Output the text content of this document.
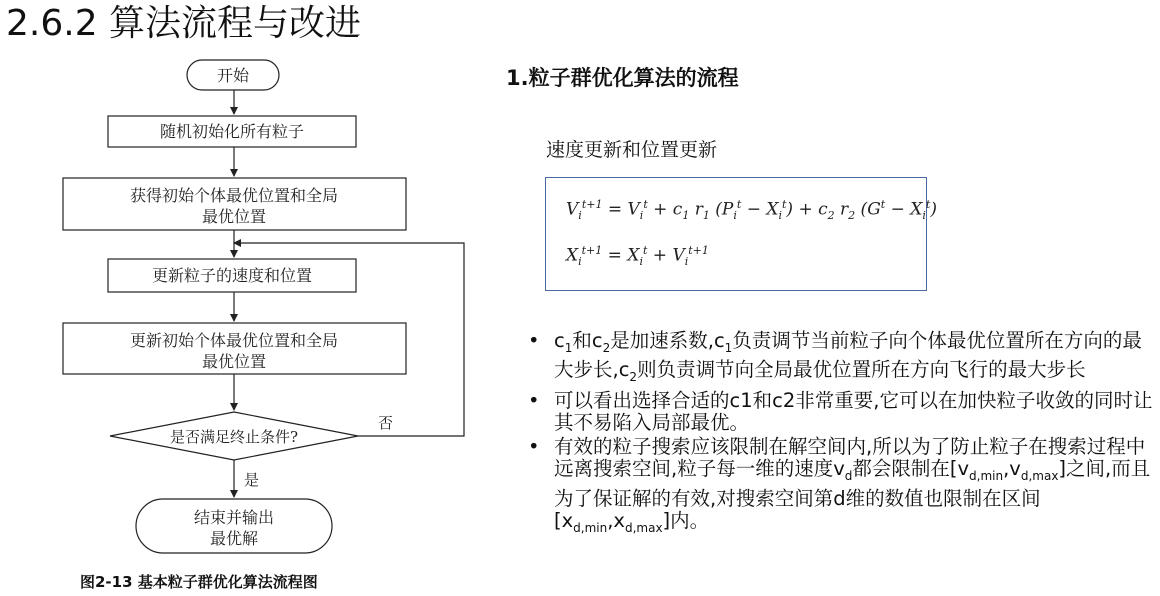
2.6.2 算法流程与改进
开始
随机初始化所有粒子
获得初始个体最优位置和全局
最优位置
更新粒子的速度和位置
更新初始个体最优位置和全局
最优位置
是否满足终止条件?
否
是
结束并输出
最优解
图2-13 基本粒子群优化算法流程图
1.粒子群优化算法的流程
速度更新和位置更新
$V_i^{t+1} = V_i^t + c_1$ $r_1$ $(P_i^t - X_i^t) + c_2$ $r_2$ $(G^t - X_i^t)$
$X_i^{t+1} = X_i^t + V_i^{t+1}$
• $c_1$和$c_2$是加速系数$,c_1$负责调节当前粒子向个体最优位置所在方向的最大步长$,c_2$则负责调节向全局最优位置所在方向飞行的最大步长
• 可以看出选择合适的c1和c2非常重要,它可以在加快粒子收敛的同时让其不易陷入局部最优。
• 有效的粒子搜索应该限制在解空间内,所以为了防止粒子在搜索过程中远离搜索空间,粒子每一维的速度$v_d$都会限制在$[v_{d,min},v_{d,max}]$之间,而且为了保证解的有效,对搜索空间第d维的数值也限制在区间$[x_{d,min},x_{d,max}]$内。
